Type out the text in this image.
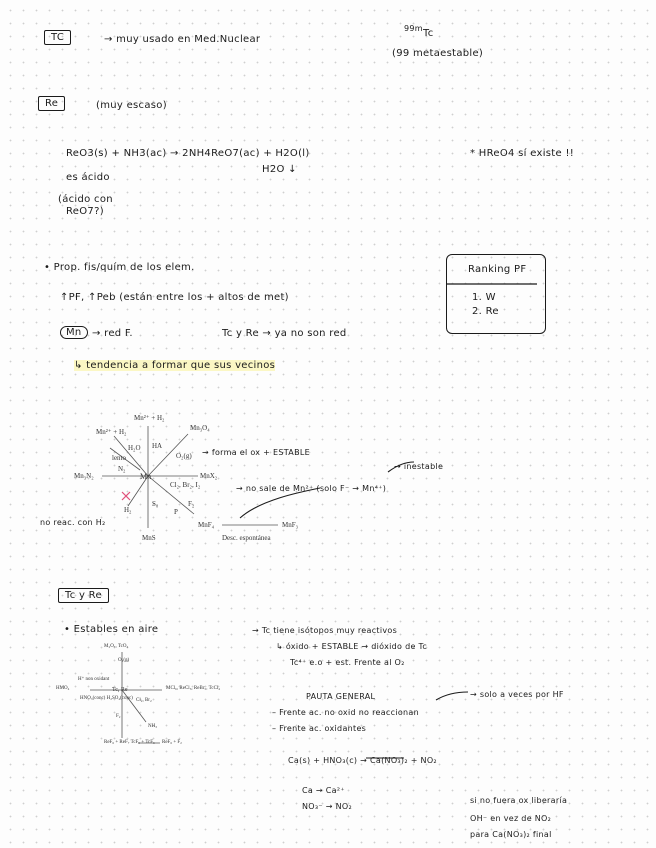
TC	→ muy usado en Med.Nuclear
99m Tc
(99 metaestable)
Re	(muy escaso)
ReO3(s) + NH3(ac) → 2NH4ReO7(ac) + H2O(l)
H2O ↓
* HReO4 sí existe !!
es ácido
(ácido con
ReO7?)
• Prop. fis/quím de los elem.
↑PF, ↑Peb (están entre los + altos de met)
Mn	→ red F.	Tc y Re → ya no son red
↳ tendencia a formar que sus vecinos
Ranking PF
1. W
2. Re
Mn
Mn²⁺ + H₂
Mn²⁺ + H₂	Mn₃O₄
H₂O HA
lento	O₂(g)
Mn₃N₂
N₂
MnX₂
Cl₂, Br₂, I₂
H₂
S₈	F₂
P
MnS
MnF₄	MnF₃
Desc. espontánea
→ forma el ox + ESTABLE
→ no sale de Mn²⁺ (solo F⁻ → Mn⁴⁺)
→ inestable
no reac. con H₂
Tc y Re
• Estables en aire	→ Tc tiene isótopos muy reactivos
↳ óxido + ESTABLE → dióxido de Tc
Tc⁴⁺ e.o + est. Frente al O₂
PAUTA GENERAL	→ solo a veces por HF
– Frente ac. no oxid no reaccionan
– Frente ac. oxidantes
Ca(s) + HNO₃(c) → Ca(NO₃)₂ + NO₂
Ca → Ca²⁺
NO₃⁻ → NO₂
si no fuera ox liberaría
OH⁻ en vez de NO₂
para Ca(NO₃)₂ final
Tc, Re
M₂O₇, TcO₂
O₂(g)
H⁺ non oxidant
HNO₃(conc) H₂SO₄(conc)
HMO₄	MCl₆, ReCl₅, ReBr₅, TcCl₄
Cl₂, Br₂
F₂
NH₃
ReF₆ + ReF₇ TcF₅ + TcF₆ ReF₆ + F₂
